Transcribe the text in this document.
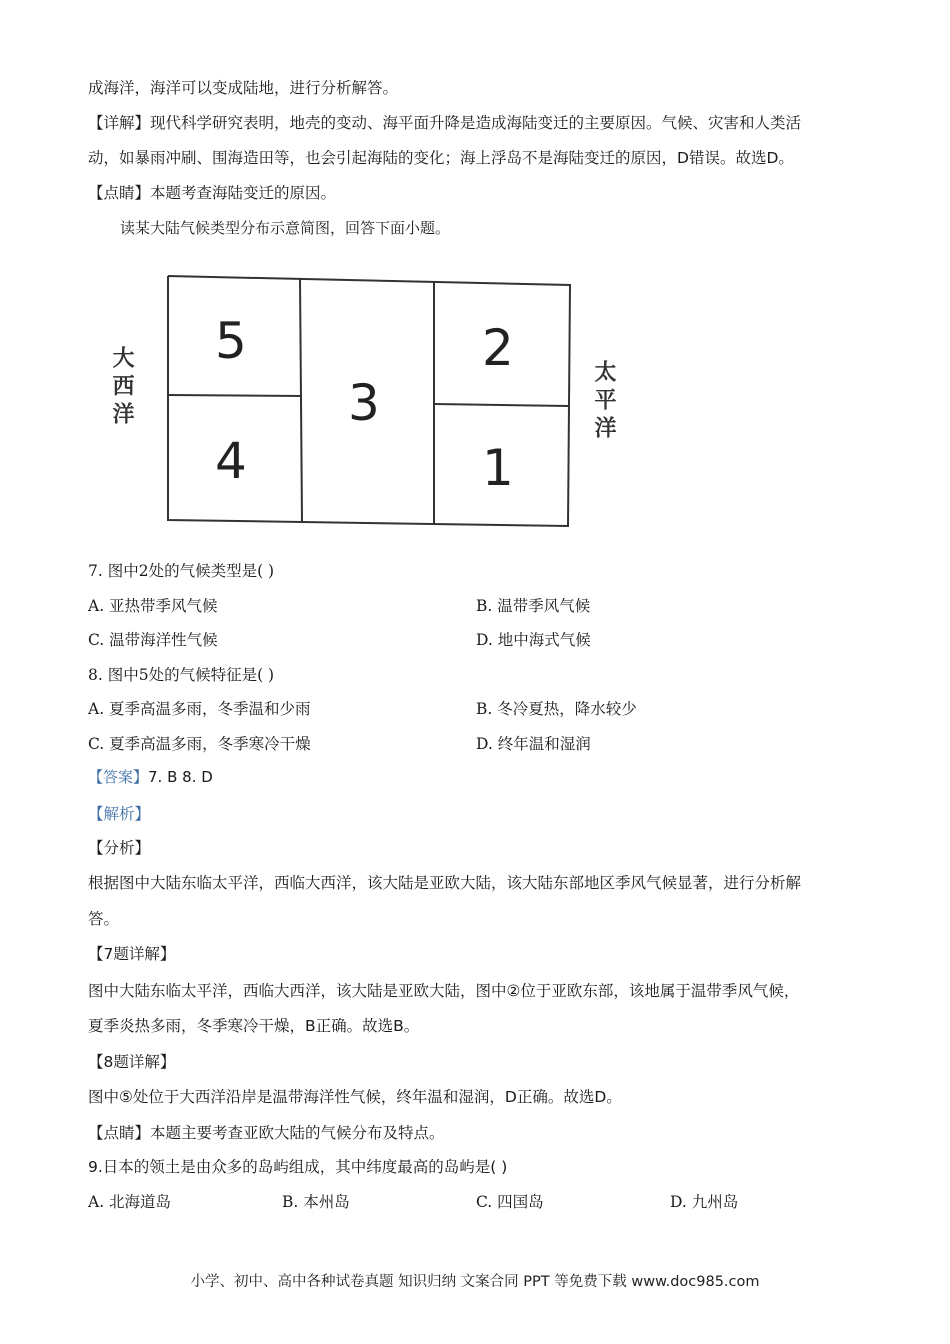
成海洋，海洋可以变成陆地，进行分析解答。
【详解】现代科学研究表明，地壳的变动、海平面升降是造成海陆变迁的主要原因。气候、灾害和人类活
动，如暴雨冲刷、围海造田等，也会引起海陆的变化；海上浮岛不是海陆变迁的原因，D错误。故选D。
【点睛】本题考查海陆变迁的原因。
读某大陆气候类型分布示意简图，回答下面小题。
5
4
3
2
1
大西洋	太平洋
7. 图中2处的气候类型是( )
A. 亚热带季风气候	B. 温带季风气候
C. 温带海洋性气候	D. 地中海式气候
8. 图中5处的气候特征是( )
A. 夏季高温多雨，冬季温和少雨	B. 冬冷夏热，降水较少
C. 夏季高温多雨，冬季寒冷干燥	D. 终年温和湿润
【答案】7. B 8. D
【解析】
【分析】
根据图中大陆东临太平洋，西临大西洋，该大陆是亚欧大陆，该大陆东部地区季风气候显著，进行分析解
答。
【7题详解】
图中大陆东临太平洋，西临大西洋，该大陆是亚欧大陆，图中②位于亚欧东部，该地属于温带季风气候，
夏季炎热多雨，冬季寒冷干燥，B正确。故选B。
【8题详解】
图中⑤处位于大西洋沿岸是温带海洋性气候，终年温和湿润，D正确。故选D。
【点睛】本题主要考查亚欧大陆的气候分布及特点。
9.日本的领土是由众多的岛屿组成，其中纬度最高的岛屿是( )
A. 北海道岛	B. 本州岛	C. 四国岛	D. 九州岛
小学、初中、高中各种试卷真题 知识归纳 文案合同 PPT 等免费下载 www.doc985.com
